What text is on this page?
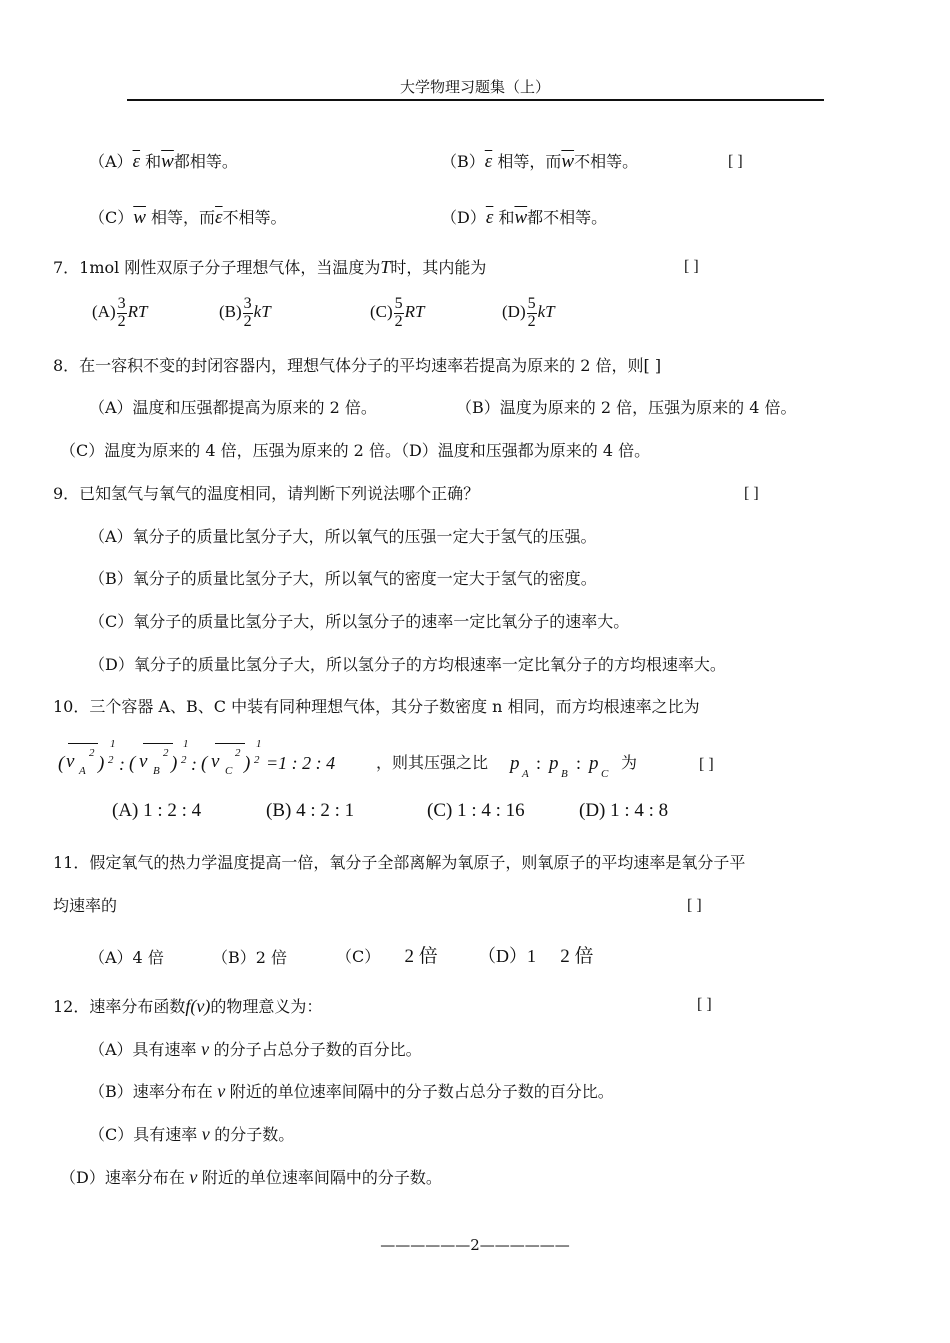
大学物理习题集（上）
$(A)\overline{\varepsilon}$ 和$\overline{w}$都相等。	$(B)\overline{\varepsilon}$ 相等，而$\overline{w}$不相等。	[ ]
$(C)\overline{w}$ 相等，而$\overline{\varepsilon}$不相等。	$(D)\overline{\varepsilon}$ 和$\overline{w}$都不相等。
7．1mol 刚性双原子分子理想气体，当温度为T时，其内能为	[ ]
$(A) \frac{3}{2}$ RT	$(B) \frac{3}{2}$ kT	$(C) \frac{5}{2}$ RT	$(D) \frac{5}{2}$ kT
8．在一容积不变的封闭容器内，理想气体分子的平均速率若提高为原来的 2 倍，则[ ]
（A）温度和压强都提高为原来的 2 倍。	（B）温度为原来的 2 倍，压强为原来的 4 倍。
（C）温度为原来的 4 倍，压强为原来的 2 倍。（D）温度和压强都为原来的 4 倍。
9．已知氢气与氧气的温度相同，请判断下列说法哪个正确？	[ ]
（A）氧分子的质量比氢分子大，所以氧气的压强一定大于氢气的压强。
（B）氧分子的质量比氢分子大，所以氧气的密度一定大于氢气的密度。
（C）氧分子的质量比氢分子大，所以氢分子的速率一定比氧分子的速率大。
（D）氧分子的质量比氢分子大，所以氢分子的方均根速率一定比氧分子的方均根速率大。
10．三个容器 A、B、C 中装有同种理想气体，其分子数密度 n 相同，而方均根速率之比为
( v A
2 ) 2
1
: ( v B
2 ) 2
1
: ( v C
2 ) 2
1
=1 : 2 : 4	，则其压强之比 p A
: p B
: p C
为	[ ]
(A) 1 : 2 : 4	(B) 4 : 2 : 1	(C) 1 : 4 : 16	(D) 1 : 4 : 8
11．假定氧气的热力学温度提高一倍，氧分子全部离解为氧原子，则氧原子的平均速率是氧分子平
均速率的	[ ]
（A）4 倍	（B）2 倍	（C） 2 倍 （D）1 2 倍
12．速率分布函数f(v)的物理意义为：	[ ]
（A）具有速率 v 的分子占总分子数的百分比。
（B）速率分布在 v 附近的单位速率间隔中的分子数占总分子数的百分比。
（C）具有速率 v 的分子数。
（D）速率分布在 v 附近的单位速率间隔中的分子数。
——————2——————
